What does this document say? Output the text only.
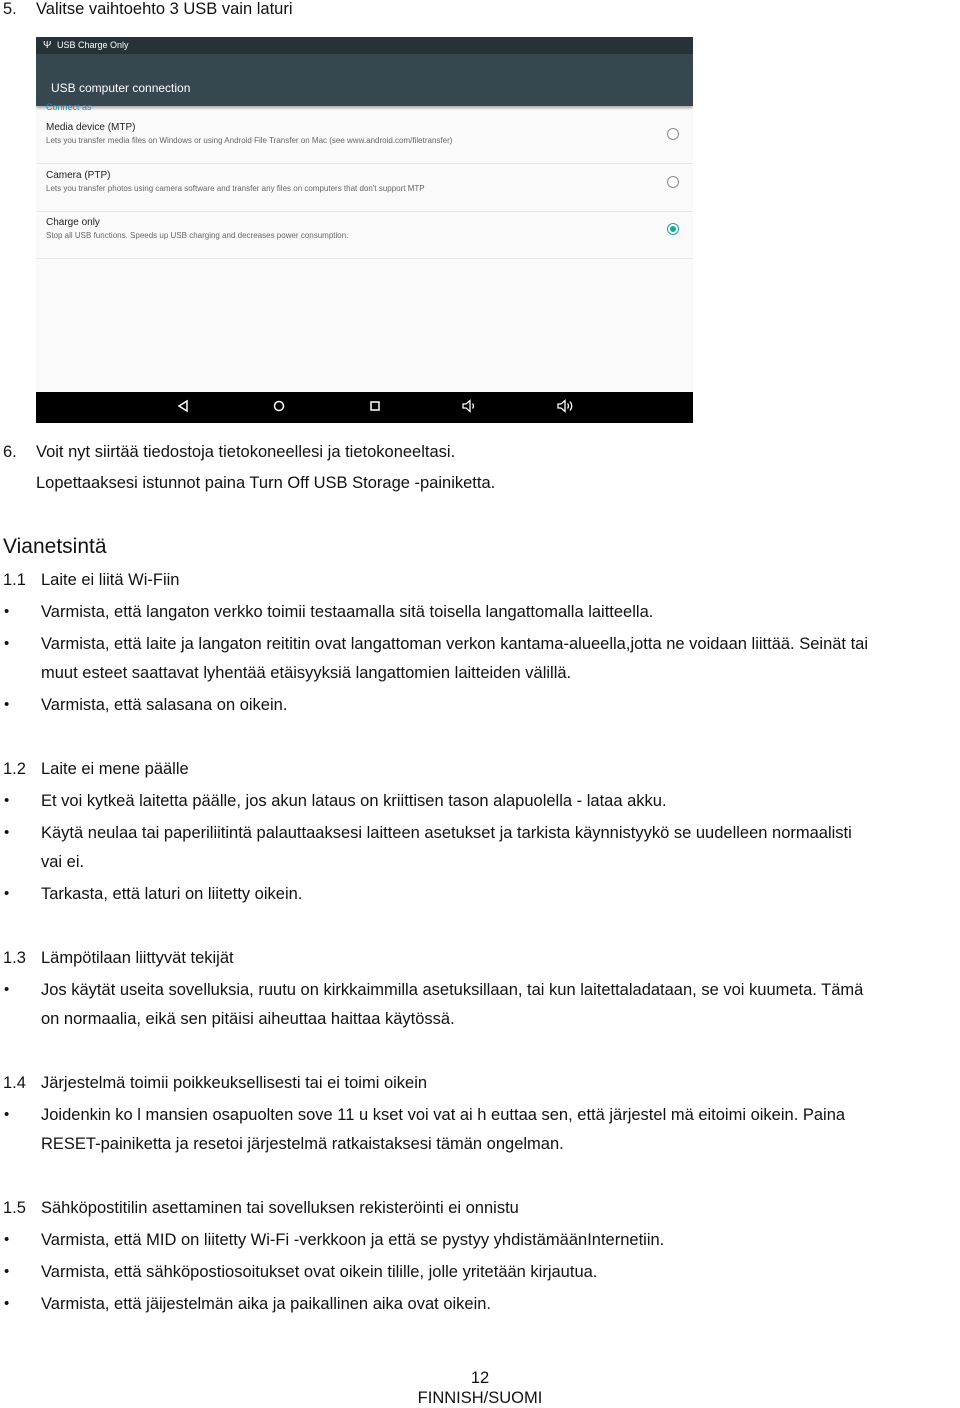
5. Valitse vaihtoehto 3 USB vain laturi
Ψ USB Charge Only
USB computer connection
Connect as
Media device (MTP)
Lets you transfer media files on Windows or using Android File Transfer on Mac (see www.android.com/filetransfer)
Camera (PTP)
Lets you transfer photos using camera software and transfer any files on computers that don't support MTP
Charge only
Stop all USB functions. Speeds up USB charging and decreases power consumption.
6. Voit nyt siirtää tiedostoja tietokoneellesi ja tietokoneeltasi.
Lopettaaksesi istunnot paina Turn Off USB Storage -painiketta.
Vianetsintä
1.1 Laite ei liitä Wi-Fiin
• Varmista, että langaton verkko toimii testaamalla sitä toisella langattomalla laitteella.
• Varmista, että laite ja langaton reititin ovat langattoman verkon kantama-alueella,jotta ne voidaan liittää. Seinät tai
muut esteet saattavat lyhentää etäisyyksiä langattomien laitteiden välillä.
• Varmista, että salasana on oikein.
1.2 Laite ei mene päälle
• Et voi kytkeä laitetta päälle, jos akun lataus on kriittisen tason alapuolella - lataa akku.
• Käytä neulaa tai paperiliitintä palauttaaksesi laitteen asetukset ja tarkista käynnistyykö se uudelleen normaalisti
vai ei.
• Tarkasta, että laturi on liitetty oikein.
1.3 Lämpötilaan liittyvät tekijät
• Jos käytät useita sovelluksia, ruutu on kirkkaimmilla asetuksillaan, tai kun laitettaladataan, se voi kuumeta. Tämä
on normaalia, eikä sen pitäisi aiheuttaa haittaa käytössä.
1.4 Järjestelmä toimii poikkeuksellisesti tai ei toimi oikein
• Joidenkin ko l mansien osapuolten sove 11 u kset voi vat ai h euttaa sen, että järjestel mä eitoimi oikein. Paina
RESET-painiketta ja resetoi järjestelmä ratkaistaksesi tämän ongelman.
1.5 Sähköpostitilin asettaminen tai sovelluksen rekisteröinti ei onnistu
• Varmista, että MID on liitetty Wi-Fi -verkkoon ja että se pystyy yhdistämäänInternetiin.
• Varmista, että sähköpostiosoitukset ovat oikein tilille, jolle yritetään kirjautua.
• Varmista, että jäijestelmän aika ja paikallinen aika ovat oikein.
12
FINNISH/SUOMI
